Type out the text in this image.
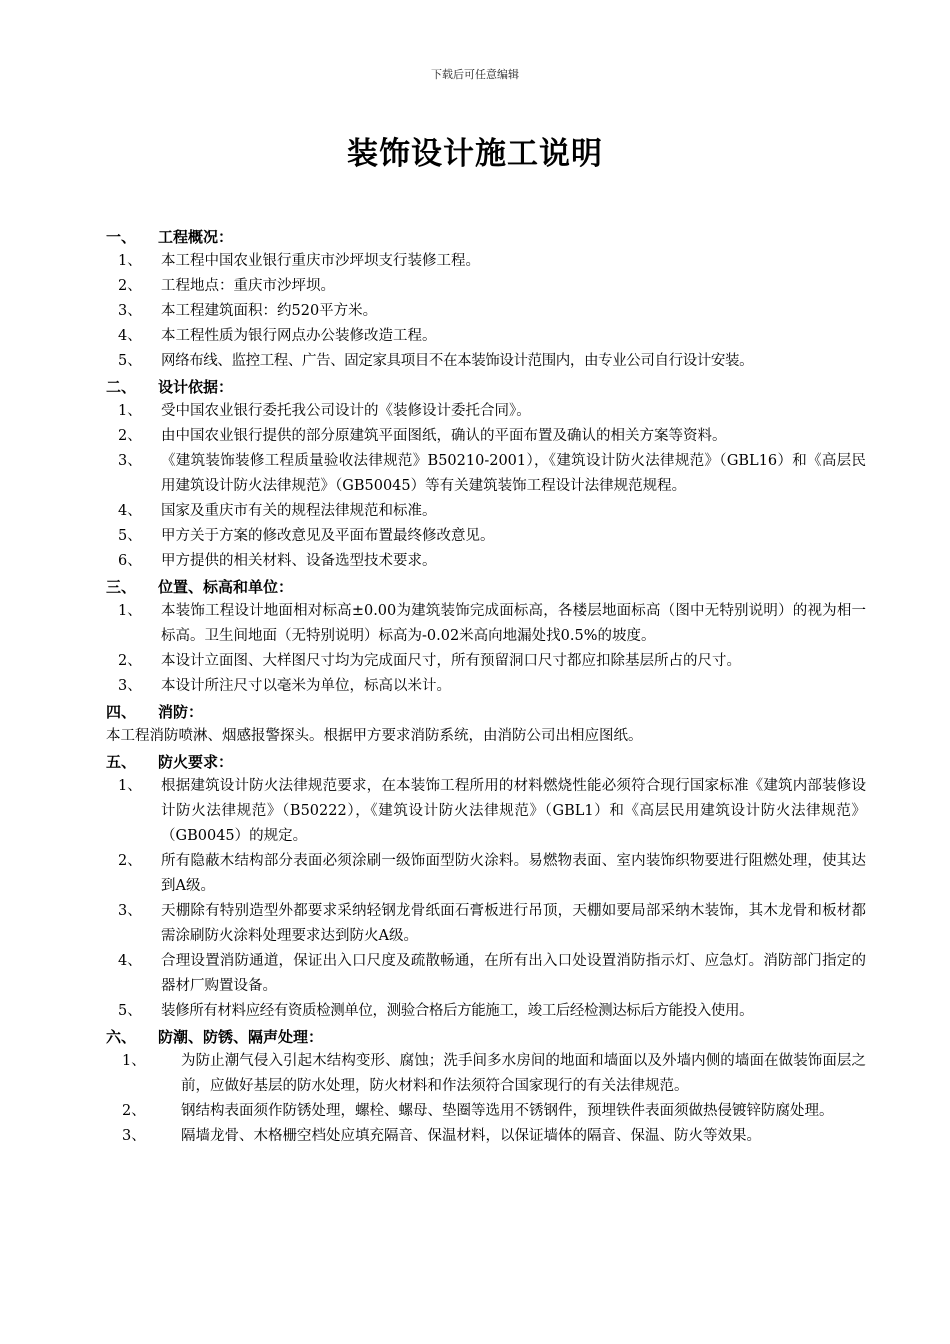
下载后可任意编辑
装饰设计施工说明
一、	工程概况：
1、	本工程中国农业银行重庆市沙坪坝支行装修工程。
2、	工程地点：重庆市沙坪坝。
3、	本工程建筑面积：约520平方米。
4、	本工程性质为银行网点办公装修改造工程。
5、	网络布线、监控工程、广告、固定家具项目不在本装饰设计范围内，由专业公司自行设计安装。
二、	设计依据：
1、	受中国农业银行委托我公司设计的《装修设计委托合同》。
2、	由中国农业银行提供的部分原建筑平面图纸，确认的平面布置及确认的相关方案等资料。
3、	《建筑装饰装修工程质量验收法律规范》B50210-2001），《建筑设计防火法律规范》（GBL16）和《高层民用建筑设计防火法律规范》（GB50045）等有关建筑装饰工程设计法律规范规程。
4、	国家及重庆市有关的规程法律规范和标准。
5、	甲方关于方案的修改意见及平面布置最终修改意见。
6、	甲方提供的相关材料、设备选型技术要求。
三、	位置、标高和单位：
1、	本装饰工程设计地面相对标高±0.00为建筑装饰完成面标高，各楼层地面标高（图中无特别说明）的视为相一标高。卫生间地面（无特别说明）标高为-0.02米高向地漏处找0.5%的坡度。
2、	本设计立面图、大样图尺寸均为完成面尺寸，所有预留洞口尺寸都应扣除基层所占的尺寸。
3、	本设计所注尺寸以毫米为单位，标高以米计。
四、	消防：
本工程消防喷淋、烟感报警探头。根据甲方要求消防系统，由消防公司出相应图纸。
五、	防火要求：
1、	根据建筑设计防火法律规范要求，在本装饰工程所用的材料燃烧性能必须符合现行国家标准《建筑内部装修设计防火法律规范》（B50222），《建筑设计防火法律规范》（GBL1）和《高层民用建筑设计防火法律规范》（GB0045）的规定。
2、	所有隐蔽木结构部分表面必须涂刷一级饰面型防火涂料。易燃物表面、室内装饰织物要进行阻燃处理，使其达到A级。
3、	天棚除有特别造型外都要求采纳轻钢龙骨纸面石膏板进行吊顶，天棚如要局部采纳木装饰，其木龙骨和板材都需涂刷防火涂料处理要求达到防火A级。
4、	合理设置消防通道，保证出入口尺度及疏散畅通，在所有出入口处设置消防指示灯、应急灯。消防部门指定的器材厂购置设备。
5、	装修所有材料应经有资质检测单位，测验合格后方能施工，竣工后经检测达标后方能投入使用。
六、	防潮、防锈、隔声处理：
1、	为防止潮气侵入引起木结构变形、腐蚀；洗手间多水房间的地面和墙面以及外墙内侧的墙面在做装饰面层之前，应做好基层的防水处理，防火材料和作法须符合国家现行的有关法律规范。
2、	钢结构表面须作防锈处理，螺栓、螺母、垫圈等选用不锈钢件，预埋铁件表面须做热侵镀锌防腐处理。
3、	隔墙龙骨、木格栅空档处应填充隔音、保温材料，以保证墙体的隔音、保温、防火等效果。
